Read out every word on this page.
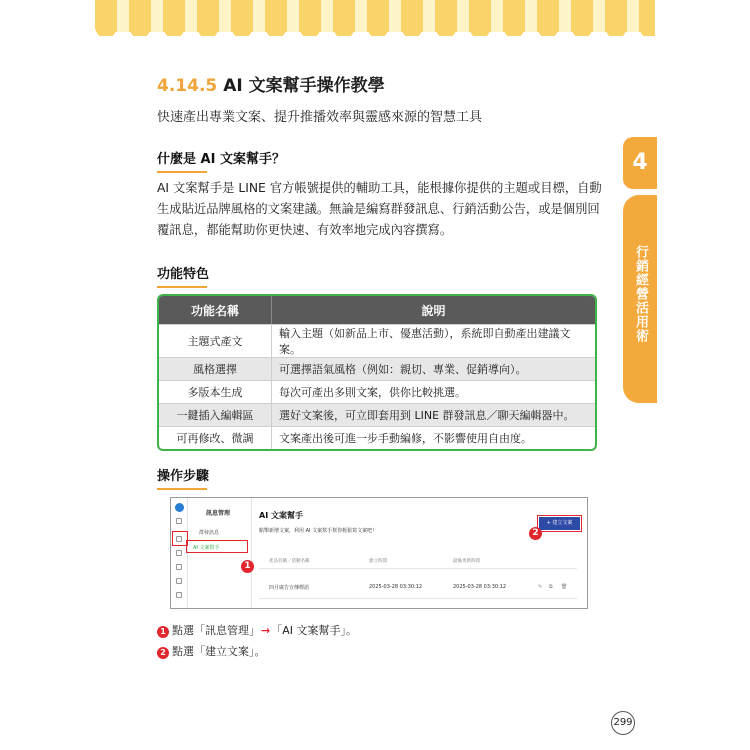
4.14.5 AI 文案幫手操作教學
快速產出專業文案、提升推播效率與靈感來源的智慧工具
什麼是 AI 文案幫手？
AI 文案幫手是 LINE 官方帳號提供的輔助工具，能根據你提供的主題或目標，自動生成貼近品牌風格的文案建議。無論是編寫群發訊息、行銷活動公告，或是個別回覆訊息，都能幫助你更快速、有效率地完成內容撰寫。
功能特色
功能名稱	說明
主題式產文	輸入主題（如新品上市、優惠活動），系統即自動產出建議文案。
風格選擇	可選擇語氣風格（例如：親切、專業、促銷導向）。
多版本生成	每次可產出多則文案，供你比較挑選。
一鍵插入編輯區	選好文案後，可立即套用到 LINE 群發訊息／聊天編輯器中。
可再修改、微調	文案產出後可進一步手動編修，不影響使用自由度。
4
行銷經營活用術
操作步驟
訊息管理
群發訊息
AI 文案幫手
AI 文案幫手
點擊新增文案，利用 AI 文案幫手幫你輕鬆寫文案吧！
+ 建立文案
產品名稱／活動名稱	建立時間	最後更新時間
四月廣告宣傳標語	2025-03-28 03:30:12	2025-03-28 03:30:12	✎ ⧉ 🗑
1
2
1 點選「訊息管理」→「AI 文案幫手」。
2 點選「建立文案」。
299
